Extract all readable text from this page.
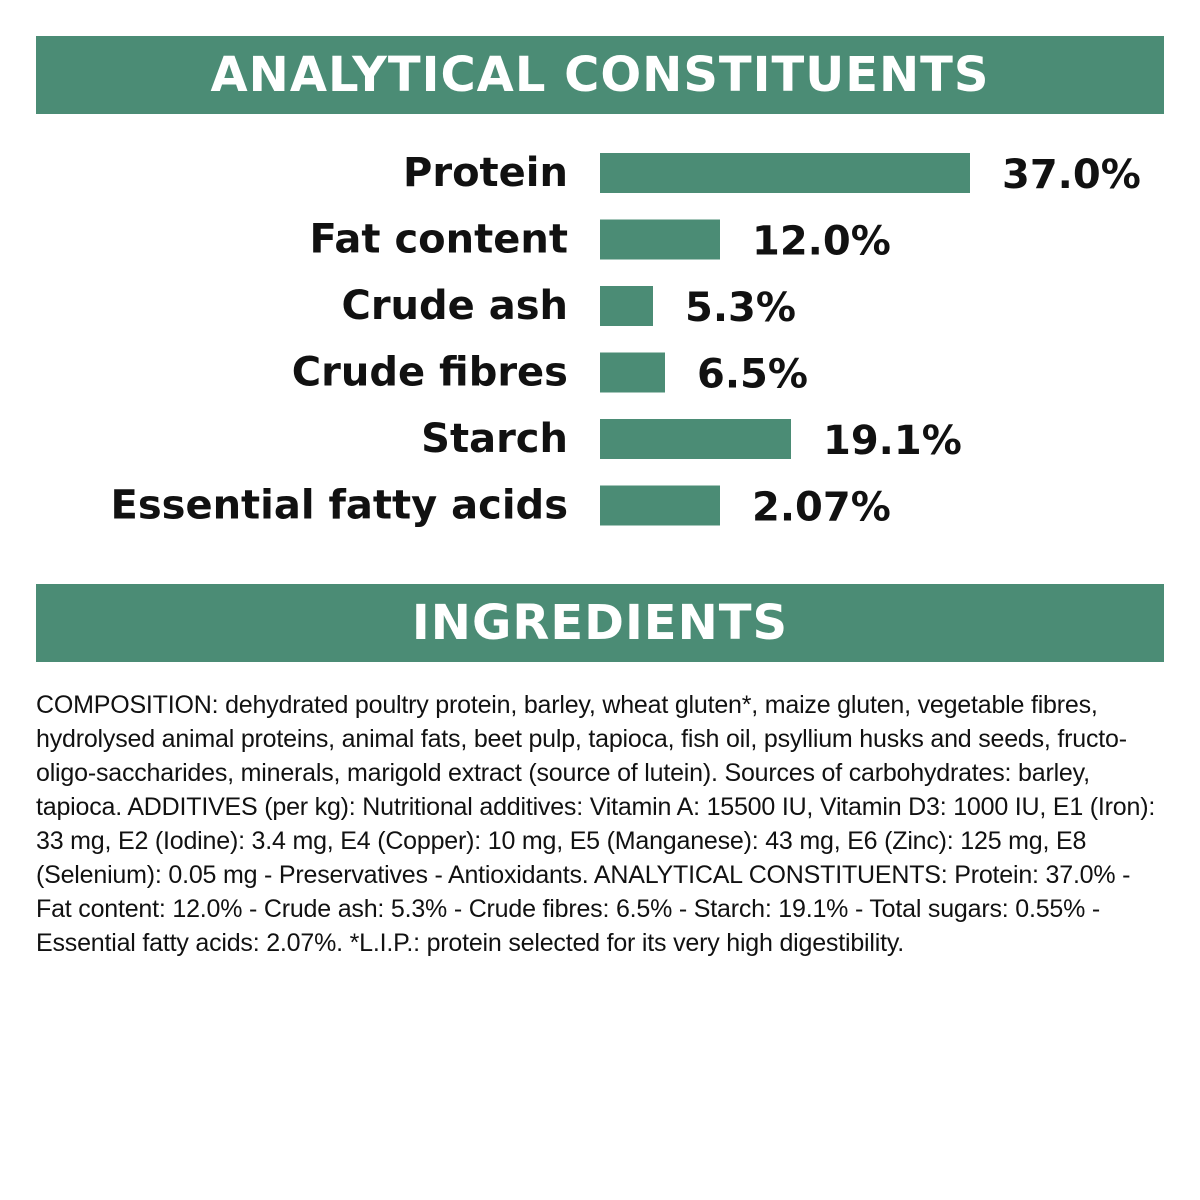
ANALYTICAL CONSTITUENTS
Protein	37.0%
Fat content	12.0%
Crude ash	5.3%
Crude fibres	6.5%
Starch	19.1%
Essential fatty acids	2.07%
INGREDIENTS
COMPOSITION: dehydrated poultry protein, barley, wheat gluten*, maize gluten, vegetable fibres, hydrolysed animal proteins, animal fats, beet pulp, tapioca, fish oil, psyllium husks and seeds, fructo-oligo-saccharides, minerals, marigold extract (source of lutein). Sources of carbohydrates: barley, tapioca. ADDITIVES (per kg): Nutritional additives: Vitamin A: 15500 IU, Vitamin D3: 1000 IU, E1 (Iron): 33 mg, E2 (Iodine): 3.4 mg, E4 (Copper): 10 mg, E5 (Manganese): 43 mg, E6 (Zinc): 125 mg, E8 (Selenium): 0.05 mg - Preservatives - Antioxidants. ANALYTICAL CONSTITUENTS: Protein: 37.0% - Fat content: 12.0% - Crude ash: 5.3% - Crude fibres: 6.5% - Starch: 19.1% - Total sugars: 0.55% - Essential fatty acids: 2.07%. *L.I.P.: protein selected for its very high digestibility.
